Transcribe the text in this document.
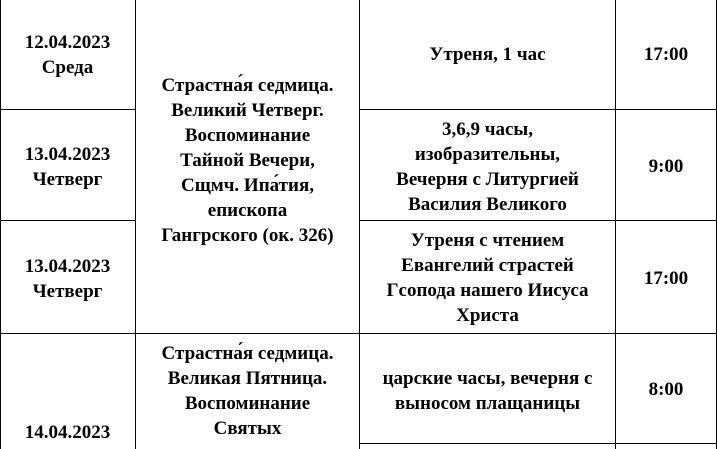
12.04.2023
Среда
Утреня, 1 час	17:00
13.04.2023
Четверг
3,6,9 часы,
изобразительны,
Вечерня с Литургией
Василия Великого
9:00
13.04.2023
Четверг
Утреня с чтением
Евангелий страстей
Гсопода нашего Иисуса
Христа
17:00
Страстна́я седмица.
Великий Четверг.
Воспоминание
Тайной Вечери,
Сщмч. Ипа́тия,
епископа
Гангрского (ок. 326)
14.04.2023
Страстна́я седмица.
Великая Пятница.
Воспоминание
Святых
царские часы, вечерня с
выносом плащаницы
8:00
